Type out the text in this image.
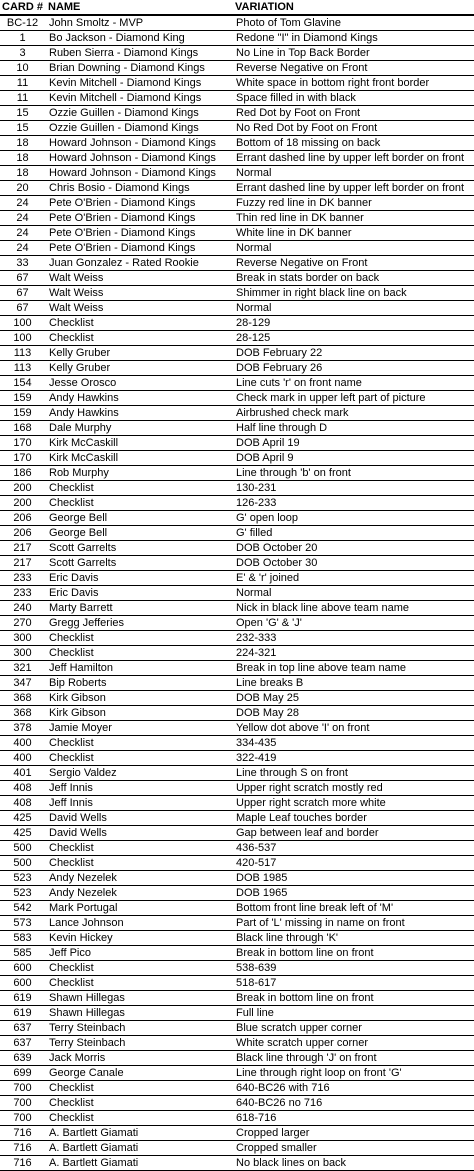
CARD #	NAME	VARIATION
BC-12	John Smoltz - MVP	Photo of Tom Glavine
1	Bo Jackson - Diamond King	Redone "I" in Diamond Kings
3	Ruben Sierra - Diamond Kings	No Line in Top Back Border
10	Brian Downing - Diamond Kings	Reverse Negative on Front
11	Kevin Mitchell - Diamond Kings	White space in bottom right front border
11	Kevin Mitchell - Diamond Kings	Space filled in with black
15	Ozzie Guillen - Diamond Kings	Red Dot by Foot on Front
15	Ozzie Guillen - Diamond Kings	No Red Dot by Foot on Front
18	Howard Johnson - Diamond Kings	Bottom of 18 missing on back
18	Howard Johnson - Diamond Kings	Errant dashed line by upper left border on front
18	Howard Johnson - Diamond Kings	Normal
20	Chris Bosio - Diamond Kings	Errant dashed line by upper left border on front
24	Pete O'Brien - Diamond Kings	Fuzzy red line in DK banner
24	Pete O'Brien - Diamond Kings	Thin red line in DK banner
24	Pete O'Brien - Diamond Kings	White line in DK banner
24	Pete O'Brien - Diamond Kings	Normal
33	Juan Gonzalez - Rated Rookie	Reverse Negative on Front
67	Walt Weiss	Break in stats border on back
67	Walt Weiss	Shimmer in right black line on back
67	Walt Weiss	Normal
100	Checklist	28-129
100	Checklist	28-125
113	Kelly Gruber	DOB February 22
113	Kelly Gruber	DOB February 26
154	Jesse Orosco	Line cuts 'r' on front name
159	Andy Hawkins	Check mark in upper left part of picture
159	Andy Hawkins	Airbrushed check mark
168	Dale Murphy	Half line through D
170	Kirk McCaskill	DOB April 19
170	Kirk McCaskill	DOB April 9
186	Rob Murphy	Line through 'b' on front
200	Checklist	130-231
200	Checklist	126-233
206	George Bell	G' open loop
206	George Bell	G' filled
217	Scott Garrelts	DOB October 20
217	Scott Garrelts	DOB October 30
233	Eric Davis	E' & 'r' joined
233	Eric Davis	Normal
240	Marty Barrett	Nick in black line above team name
270	Gregg Jefferies	Open 'G' & 'J'
300	Checklist	232-333
300	Checklist	224-321
321	Jeff Hamilton	Break in top line above team name
347	Bip Roberts	Line breaks B
368	Kirk Gibson	DOB May 25
368	Kirk Gibson	DOB May 28
378	Jamie Moyer	Yellow dot above 'I' on front
400	Checklist	334-435
400	Checklist	322-419
401	Sergio Valdez	Line through S on front
408	Jeff Innis	Upper right scratch mostly red
408	Jeff Innis	Upper right scratch more white
425	David Wells	Maple Leaf touches border
425	David Wells	Gap between leaf and border
500	Checklist	436-537
500	Checklist	420-517
523	Andy Nezelek	DOB 1985
523	Andy Nezelek	DOB 1965
542	Mark Portugal	Bottom front line break left of 'M'
573	Lance Johnson	Part of 'L' missing in name on front
583	Kevin Hickey	Black line through 'K'
585	Jeff Pico	Break in bottom line on front
600	Checklist	538-639
600	Checklist	518-617
619	Shawn Hillegas	Break in bottom line on front
619	Shawn Hillegas	Full line
637	Terry Steinbach	Blue scratch upper corner
637	Terry Steinbach	White scratch upper corner
639	Jack Morris	Black line through 'J' on front
699	George Canale	Line through right loop on front 'G'
700	Checklist	640-BC26 with 716
700	Checklist	640-BC26 no 716
700	Checklist	618-716
716	A. Bartlett Giamati	Cropped larger
716	A. Bartlett Giamati	Cropped smaller
716	A. Bartlett Giamati	No black lines on back
